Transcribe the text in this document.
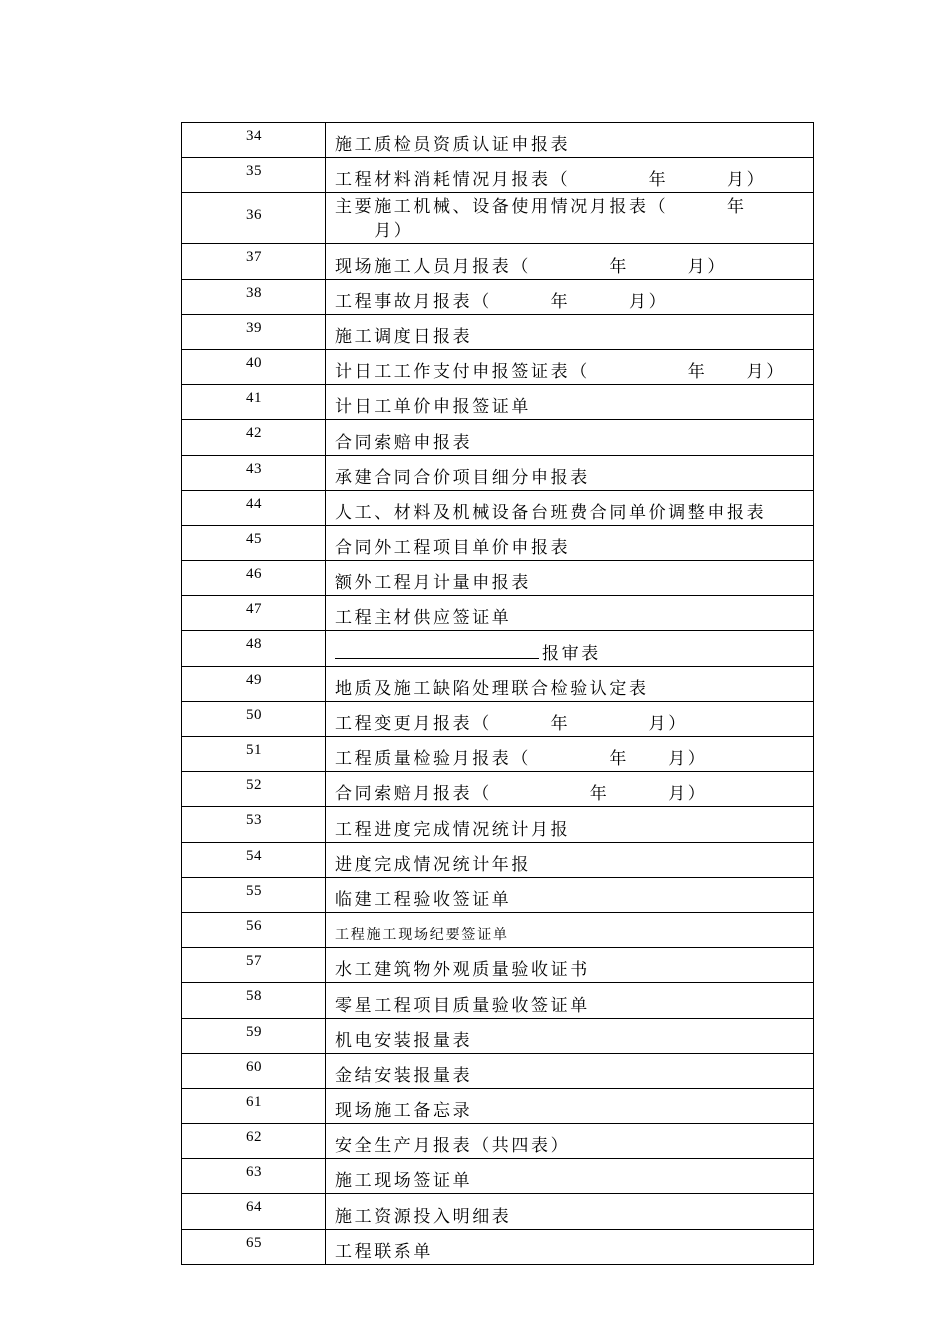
34	施工质检员资质认证申报表

35	工程材料消耗情况月报表（　　　　年　　　月）

36	主要施工机械、设备使用情况月报表（　　　年
　　月）

37	现场施工人员月报表（　　　　年　　　月）

38	工程事故月报表（　　　年　　　月）

39	施工调度日报表

40	计日工工作支付申报签证表（　　　　　年　　月）

41	计日工单价申报签证单

42	合同索赔申报表

43	承建合同合价项目细分申报表

44	人工、材料及机械设备台班费合同单价调整申报表

45	合同外工程项目单价申报表

46	额外工程月计量申报表

47	工程主材供应签证单

48	报审表

49	地质及施工缺陷处理联合检验认定表

50	工程变更月报表（　　　年　　　　月）

51	工程质量检验月报表（　　　　年　　月）

52	合同索赔月报表（　　　　　年　　　月）

53	工程进度完成情况统计月报

54	进度完成情况统计年报

55	临建工程验收签证单

56	工程施工现场纪要签证单

57	水工建筑物外观质量验收证书

58	零星工程项目质量验收签证单

59	机电安装报量表

60	金结安装报量表

61	现场施工备忘录

62	安全生产月报表（共四表）

63	施工现场签证单

64	施工资源投入明细表

65	工程联系单
